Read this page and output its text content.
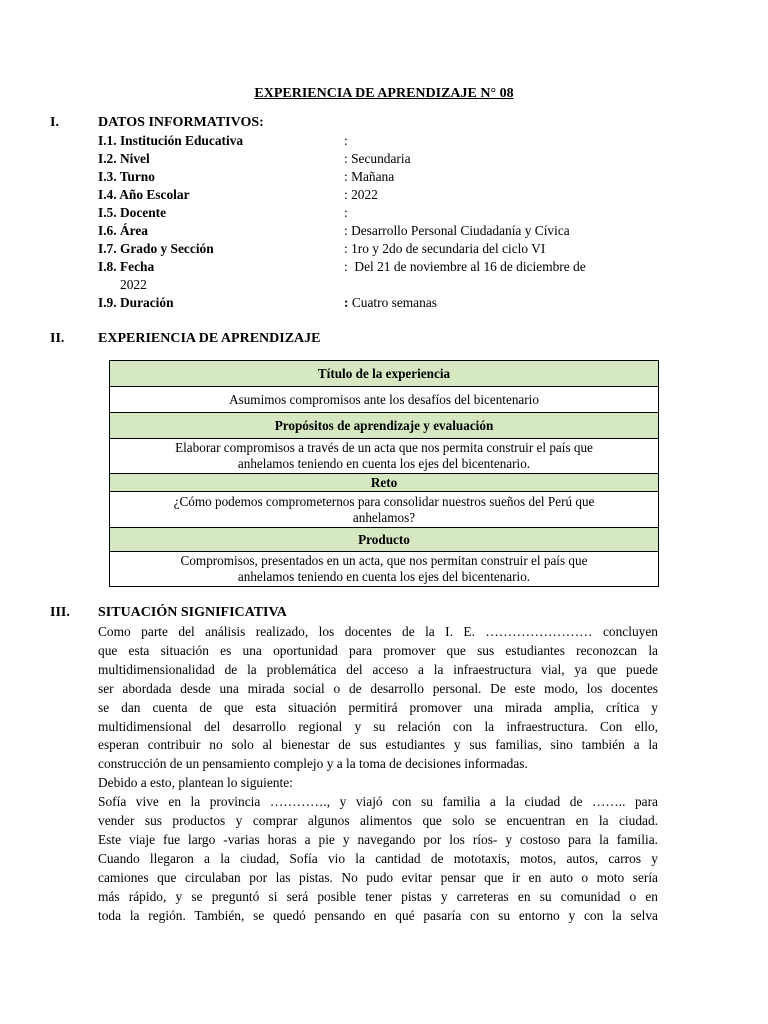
EXPERIENCIA DE APRENDIZAJE N° 08
I.	DATOS INFORMATIVOS:
I.1. Institución Educativa	:
I.2. Nivel	: Secundaria
I.3. Turno	: Mañana
I.4. Año Escolar	: 2022
I.5. Docente	:
I.6. Área	: Desarrollo Personal Ciudadanía y Cívica
I.7. Grado y Sección	: 1ro y 2do de secundaria del ciclo VI
I.8. Fecha	:  Del 21 de noviembre al 16 de diciembre de
2022
I.9. Duración	: Cuatro semanas
II. EXPERIENCIA DE APRENDIZAJE
Título de la experiencia
Asumimos compromisos ante los desafíos del bicentenario
Propósitos de aprendizaje y evaluación

Elaborar compromisos a través de un acta que nos permita construir el país que
anhelamos teniendo en cuenta los ejes del bicentenario.

Reto

¿Cómo podemos comprometernos para consolidar nuestros sueños del Perú que
anhelamos?

Producto

Compromisos, presentados en un acta, que nos permitan construir el país que
anhelamos teniendo en cuenta los ejes del bicentenario.
III. SITUACIÓN SIGNIFICATIVA
Como parte del análisis realizado, los docentes de la I. E. …………………… concluyen
que esta situación es una oportunidad para promover que sus estudiantes reconozcan la
multidimensionalidad de la problemática del acceso a la infraestructura vial, ya que puede
ser abordada desde una mirada social o de desarrollo personal. De este modo, los docentes
se dan cuenta de que esta situación permitirá promover una mirada amplia, crítica y
multidimensional del desarrollo regional y su relación con la infraestructura. Con ello,
esperan contribuir no solo al bienestar de sus estudiantes y sus familias, sino también a la
construcción de un pensamiento complejo y a la toma de decisiones informadas.
Debido a esto, plantean lo siguiente:
Sofía vive en la provincia …………., y viajó con su familia a la ciudad de …….. para
vender sus productos y comprar algunos alimentos que solo se encuentran en la ciudad.
Este viaje fue largo -varias horas a pie y navegando por los ríos- y costoso para la familia.
Cuando llegaron a la ciudad, Sofía vio la cantidad de mototaxis, motos, autos, carros y
camiones que circulaban por las pistas. No pudo evitar pensar que ir en auto o moto sería
más rápido, y se preguntó si será posible tener pistas y carreteras en su comunidad o en
toda la región. También, se quedó pensando en qué pasaría con su entorno y con la selva
